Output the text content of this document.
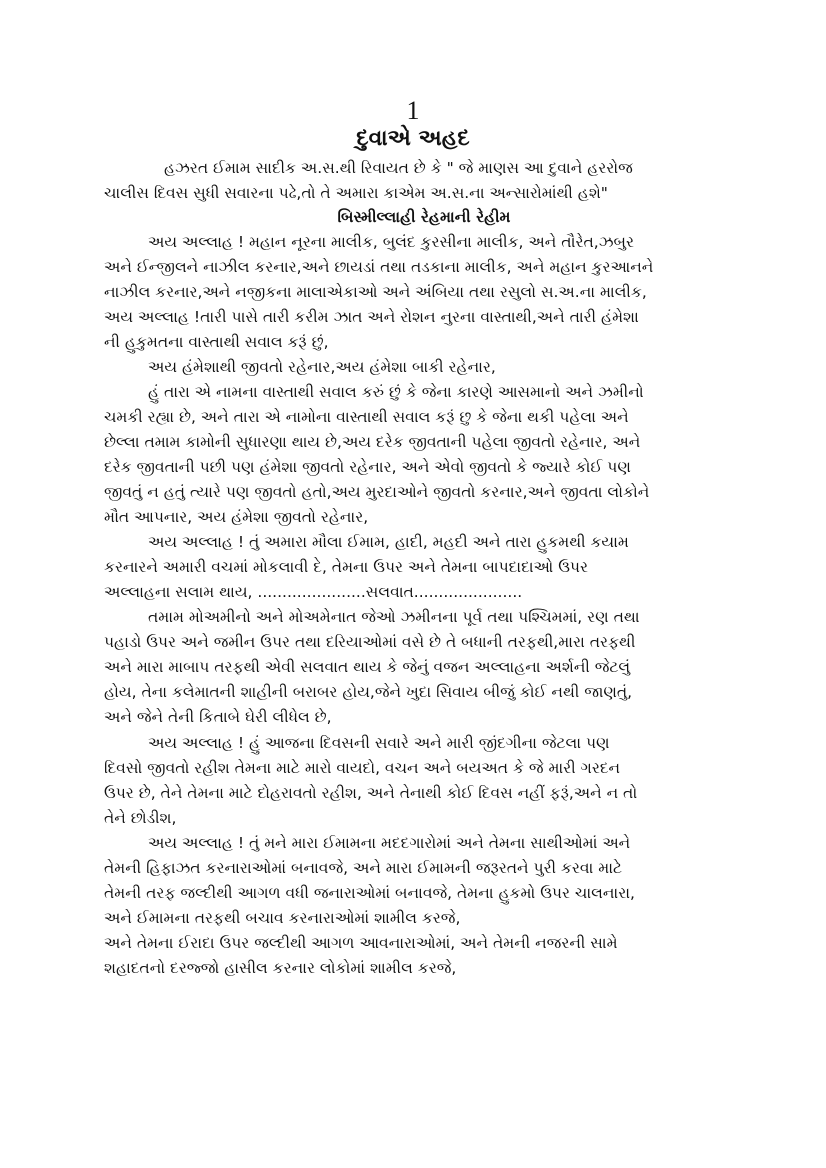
1
દુવાએ અહદ
હઝરત ઈમામ સાદીક અ.સ.થી રિવાયત છે કે " જે માણસ આ દુવાને હરરોજ
ચાલીસ દિવસ સુધી સવારના પઢે,તો તે અમારા કાએમ અ.સ.ના અન્સારોમાંથી હશે"
બિસ્મીલ્લાહી રેહમાની રેહીમ
અય અલ્લાહ ! મહાન નૂરના માલીક, બુલંદ કુરસીના માલીક, અને તૌરેત,ઝબુર
અને ઈન્જીલને નાઝીલ કરનાર,અને છાયડાં તથા તડકાના માલીક, અને મહાન કુરઆનને
નાઝીલ કરનાર,અને નજીકના માલાએકાઓ અને અંબિયા તથા રસુલો સ.અ.ના માલીક,
અય અલ્લાહ !તારી પાસે તારી કરીમ ઝાત અને રોશન નુરના વાસ્તાથી,અને તારી હંમેશા
ની હુકુમતના વાસ્તાથી સવાલ કરૂં છું,
અય હંમેશાથી જીવતો રહેનાર,અય હંમેશા બાકી રહેનાર,
હું તારા એ નામના વાસ્તાથી સવાલ કરું છું કે જેના કારણે આસમાનો અને ઝમીનો
ચમકી રહ્યા છે, અને તારા એ નામોના વાસ્તાથી સવાલ કરૂં છુ કે જેના થકી પહેલા અને
છેલ્લા તમામ કામોની સુધારણા થાય છે,અય દરેક જીવતાની પહેલા જીવતો રહેનાર, અને
દરેક જીવતાની પછી પણ હંમેશા જીવતો રહેનાર, અને એવો જીવતો કે જ્યારે કોઈ પણ
જીવતું ન હતું ત્યારે પણ જીવતો હતો,અય મુરદાઓને જીવતો કરનાર,અને જીવતા લોકોને
મૌત આપનાર, અય હંમેશા જીવતો રહેનાર,
અય અલ્લાહ ! તું અમારા મૌલા ઈમામ, હાદી, મહદી અને તારા હુકમથી કયામ
કરનારને અમારી વચમાં મોકલાવી દે, તેમના ઉપર અને તેમના બાપદાદાઓ ઉપર
અલ્લાહના સલામ થાય, ......................સલવાત......................
તમામ મોઅમીનો અને મોઅમેનાત જેઓ ઝમીનના પૂર્વ તથા પશ્ચિમમાં, રણ તથા
પહાડો ઉપર અને જમીન ઉપર તથા દરિયાઓમાં વસે છે તે બધાની તરફથી,મારા તરફથી
અને મારા માબાપ તરફથી એવી સલવાત થાય કે જેનું વજન અલ્લાહના અર્શની જેટલું
હોય, તેના કલેમાતની શાહીની બરાબર હોય,જેને ખુદા સિવાય બીજું કોઈ નથી જાણતું,
અને જેને તેની કિતાબે ઘેરી લીધેલ છે,
અય અલ્લાહ ! હું આજના દિવસની સવારે અને મારી જીંદગીના જેટલા પણ
દિવસો જીવતો રહીશ તેમના માટે મારો વાયદો, વચન અને બયઅત કે જે મારી ગરદન
ઉપર છે, તેને તેમના માટે દોહરાવતો રહીશ, અને તેનાથી કોઈ દિવસ નહીં ફરૂં,અને ન તો
તેને છોડીશ,
અય અલ્લાહ ! તું મને મારા ઈમામના મદદગારોમાં અને તેમના સાથીઓમાં અને
તેમની હિફાઝત કરનારાઓમાં બનાવજે, અને મારા ઈમામની જરૂરતને પુરી કરવા માટે
તેમની તરફ જલ્દીથી આગળ વધી જનારાઓમાં બનાવજે, તેમના હુકમો ઉપર ચાલનારા,
અને ઈમામના તરફથી બચાવ કરનારાઓમાં શામીલ કરજે,
અને તેમના ઈરાદા ઉપર જલ્દીથી આગળ આવનારાઓમાં, અને તેમની નજરની સામે
શહાદતનો દરજ્જો હાસીલ કરનાર લોકોમાં શામીલ કરજે,
